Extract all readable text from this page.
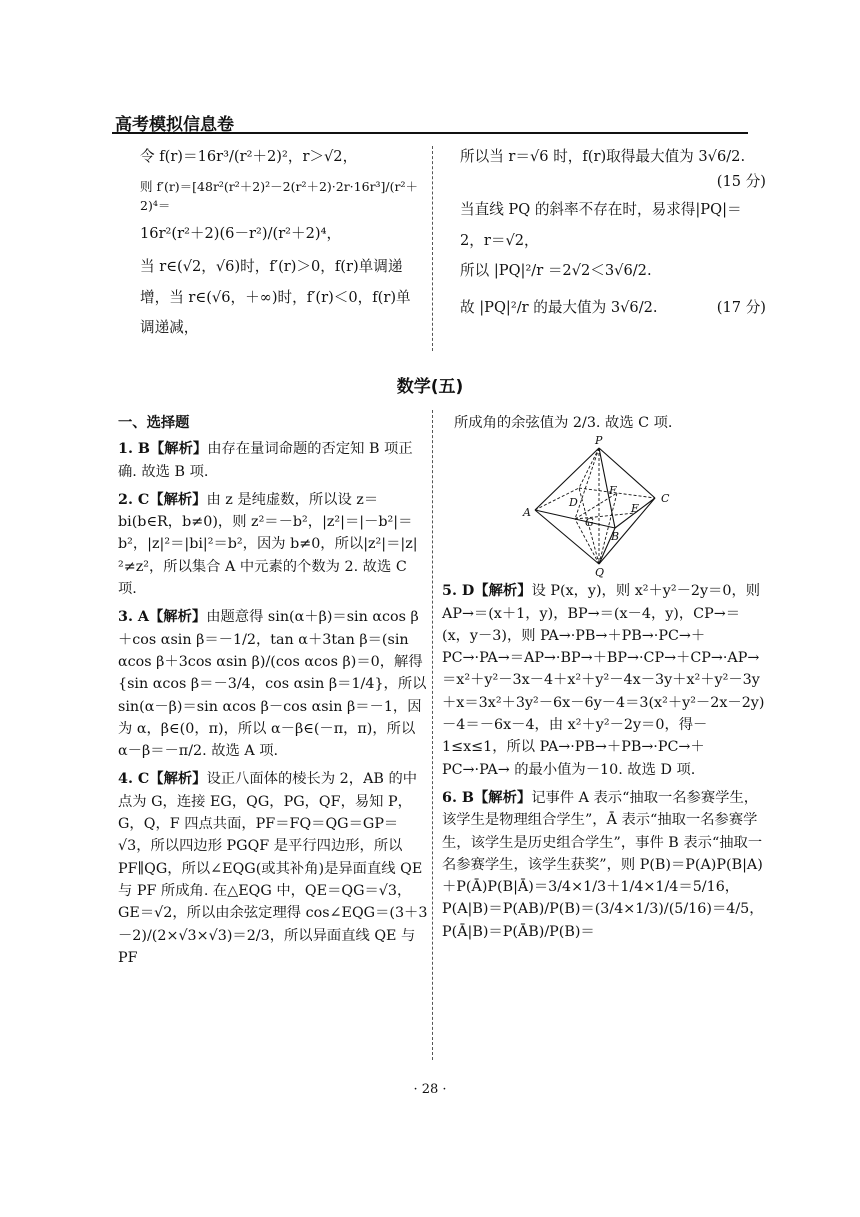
高考模拟信息卷

令 f(r)＝16r³/(r²＋2)²，r＞√2，

则 f′(r)＝[48r²(r²＋2)²－2(r²＋2)·2r·16r³]/(r²＋2)⁴＝

16r²(r²＋2)(6－r²)/(r²＋2)⁴，

当 r∈(√2，√6)时，f′(r)＞0，f(r)单调递

增，当 r∈(√6，＋∞)时，f′(r)＜0，f(r)单

调递减，

所以当 r＝√6 时，f(r)取得最大值为 3√6/2.

(15 分)

当直线 PQ 的斜率不存在时，易求得|PQ|＝

2，r＝√2，

所以 |PQ|²/r ＝2√2＜3√6/2.

故 |PQ|²/r 的最大值为 3√6/2.	(17 分)

数学(五)

一、选择题

1. B【解析】由存在量词命题的否定知 B 项正确. 故选 B 项.

2. C【解析】由 z 是纯虚数，所以设 z＝bi(b∈R，b≠0)，则 z²＝－b²，|z²|＝|－b²|＝b²，|z|²＝|bi|²＝b²，因为 b≠0，所以|z²|＝|z|²≠z²，所以集合 A 中元素的个数为 2. 故选 C 项.

3. A【解析】由题意得 sin(α＋β)＝sin αcos β＋cos αsin β＝－1/2，tan α＋3tan β＝(sin αcos β＋3cos αsin β)/(cos αcos β)＝0，解得 {sin αcos β＝－3/4，cos αsin β＝1/4}，所以 sin(α－β)＝sin αcos β－cos αsin β＝－1，因为 α，β∈(0，π)，所以 α－β∈(－π，π)，所以 α－β＝－π/2. 故选 A 项.

4. C【解析】设正八面体的棱长为 2，AB 的中点为 G，连接 EG，QG，PG，QF，易知 P，G，Q，F 四点共面，PF＝FQ＝QG＝GP＝√3，所以四边形 PGQF 是平行四边形，所以 PF∥QG，所以∠EQG(或其补角)是异面直线 QE 与 PF 所成角. 在△EQG 中，QE＝QG＝√3，GE＝√2，所以由余弦定理得 cos∠EQG＝(3＋3－2)/(2×√3×√3)＝2/3，所以异面直线 QE 与 PF

所成角的余弦值为 2/3. 故选 C 项.

P
F
C
D	E
A
G
B
Q

5. D【解析】设 P(x，y)，则 x²＋y²－2y＝0，则 AP→＝(x＋1，y)，BP→＝(x－4，y)，CP→＝(x，y－3)，则 PA→·PB→＋PB→·PC→＋PC→·PA→＝AP→·BP→＋BP→·CP→＋CP→·AP→＝x²＋y²－3x－4＋x²＋y²－4x－3y＋x²＋y²－3y＋x＝3x²＋3y²－6x－6y－4＝3(x²＋y²－2x－2y)－4＝－6x－4，由 x²＋y²－2y＝0，得－1≤x≤1，所以 PA→·PB→＋PB→·PC→＋PC→·PA→ 的最小值为－10. 故选 D 项.

6. B【解析】记事件 A 表示“抽取一名参赛学生，该学生是物理组合学生”，Ā 表示“抽取一名参赛学生，该学生是历史组合学生”，事件 B 表示“抽取一名参赛学生，该学生获奖”，则 P(B)＝P(A)P(B|A)＋P(Ā)P(B|Ā)＝3/4×1/3＋1/4×1/4＝5/16，P(A|B)＝P(AB)/P(B)＝(3/4×1/3)/(5/16)＝4/5，P(Ā|B)＝P(ĀB)/P(B)＝

· 28 ·
